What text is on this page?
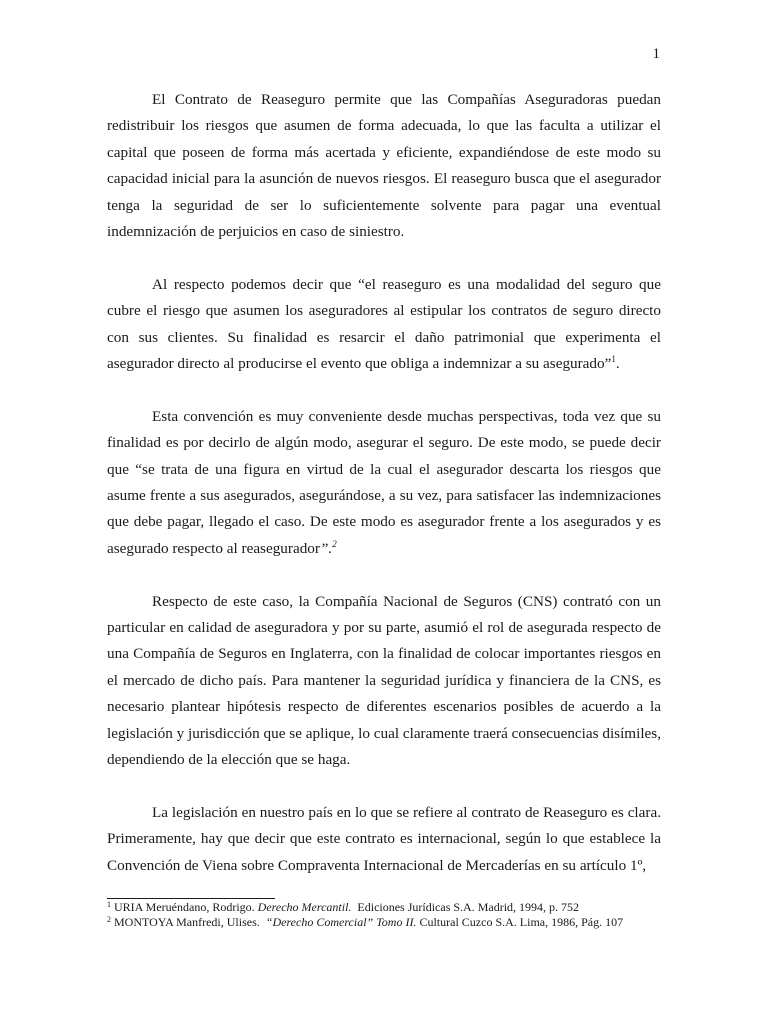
1

El Contrato de Reaseguro permite que las Compañías Aseguradoras puedan redistribuir los riesgos que asumen de forma adecuada, lo que las faculta a utilizar el capital que poseen de forma más acertada y eficiente, expandiéndose de este modo su capacidad inicial para la asunción de nuevos riesgos. El reaseguro busca que el asegurador tenga la seguridad de ser lo suficientemente solvente para pagar una eventual indemnización de perjuicios en caso de siniestro.

Al respecto podemos decir que “el reaseguro es una modalidad del seguro que cubre el riesgo que asumen los aseguradores al estipular los contratos de seguro directo con sus clientes. Su finalidad es resarcir el daño patrimonial que experimenta el asegurador directo al producirse el evento que obliga a indemnizar a su asegurado”$^1$.

Esta convención es muy conveniente desde muchas perspectivas, toda vez que su finalidad es por decirlo de algún modo, asegurar el seguro. De este modo, se puede decir que “se trata de una figura en virtud de la cual el asegurador descarta los riesgos que asume frente a sus asegurados, asegurándose, a su vez, para satisfacer las indemnizaciones que debe pagar, llegado el caso. De este modo es asegurador frente a los asegurados y es asegurado respecto al reasegurador”.$^2$

Respecto de este caso, la Compañía Nacional de Seguros (CNS) contrató con un particular en calidad de aseguradora y por su parte, asumió el rol de asegurada respecto de una Compañía de Seguros en Inglaterra, con la finalidad de colocar importantes riesgos en el mercado de dicho país. Para mantener la seguridad jurídica y financiera de la CNS, es necesario plantear hipótesis respecto de diferentes escenarios posibles de acuerdo a la legislación y jurisdicción que se aplique, lo cual claramente traerá consecuencias disímiles, dependiendo de la elección que se haga.

La legislación en nuestro país en lo que se refiere al contrato de Reaseguro es clara. Primeramente, hay que decir que este contrato es internacional, según lo que establece la Convención de Viena sobre Compraventa Internacional de Mercaderías en su artículo 1º,

$^1$ URIA Meruéndano, Rodrigo. Derecho Mercantil. Ediciones Jurídicas S.A. Madrid, 1994, p. 752

$^2$ MONTOYA Manfredi, Ulises. “Derecho Comercial” Tomo II. Cultural Cuzco S.A. Lima, 1986, Pág. 107
